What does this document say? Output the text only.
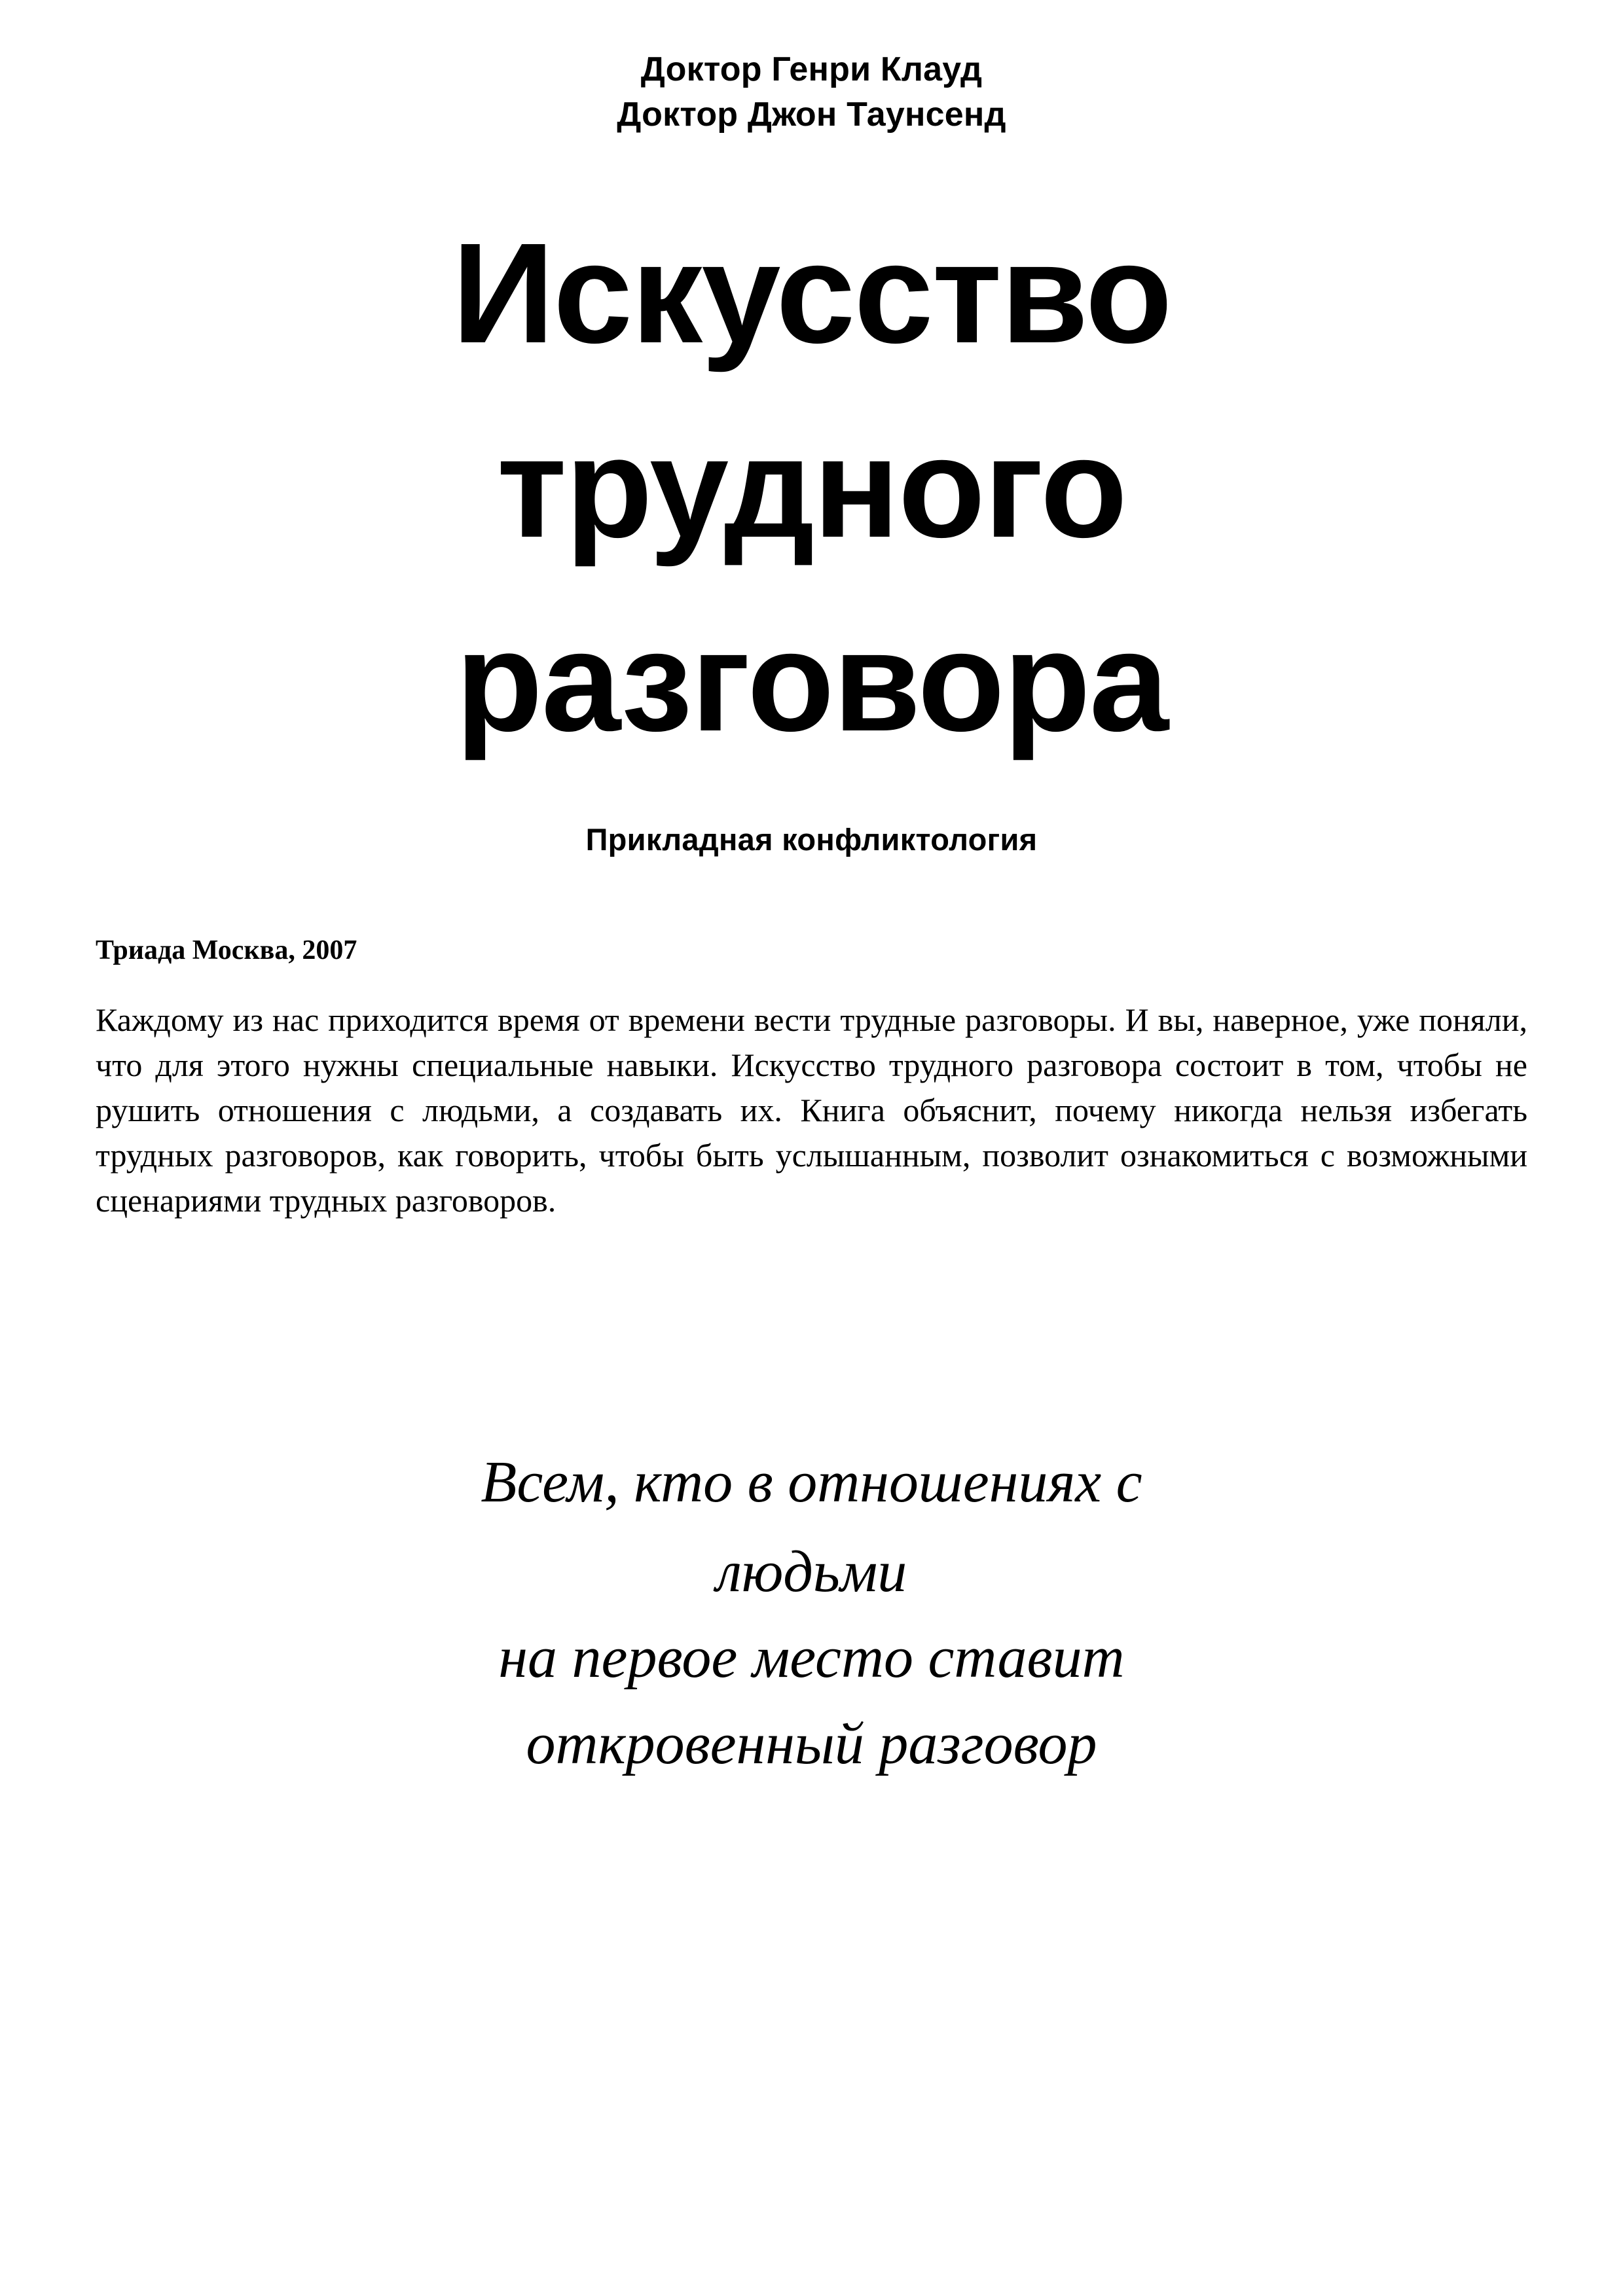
Доктор Генри Клауд
Доктор Джон Таунсенд
Искусство
трудного
разговора
Прикладная конфликтология
Триада Москва, 2007

Каждому из нас приходится время от времени вести трудные разговоры. И вы, наверное, уже поняли, что для этого нужны специальные навыки. Искусство трудного разговора состоит в том, чтобы не рушить отношения с людьми, а создавать их. Книга объяснит, почему никогда нельзя избегать трудных разговоров, как говорить, чтобы быть услышанным, позволит ознакомиться с возможными сценариями трудных разговоров.

Всем, кто в отношениях с
людьми
на первое место ставит
откровенный разговор
